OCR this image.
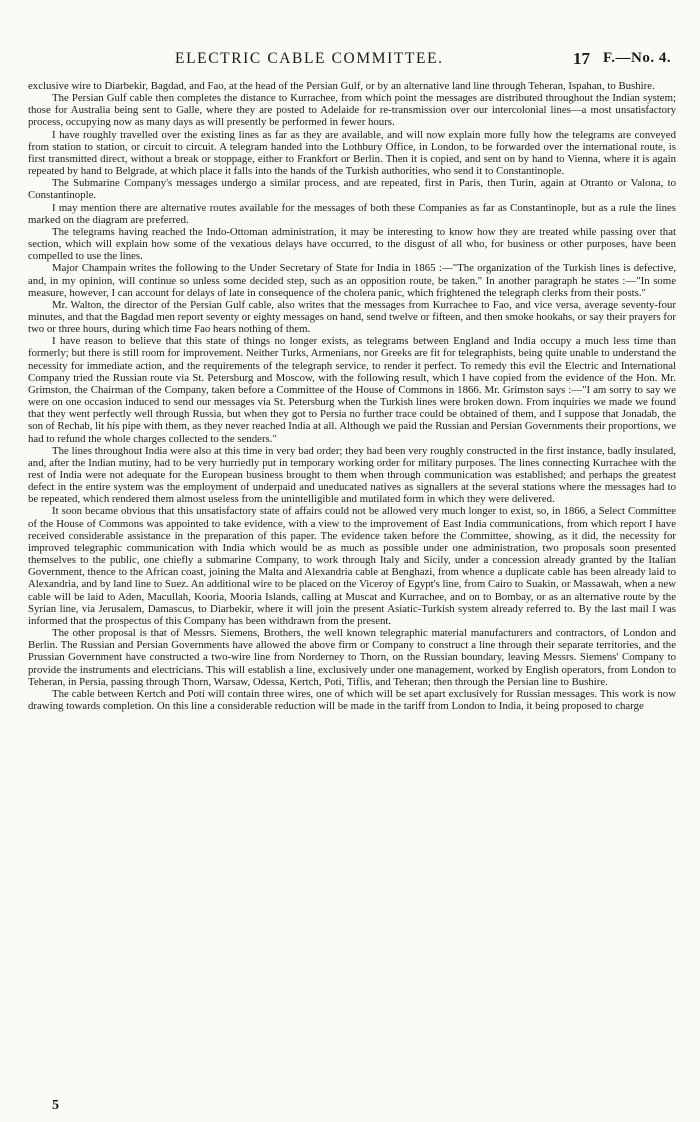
ELECTRIC CABLE COMMITTEE.	17 F.—No. 4.

exclusive wire to Diarbekir, Bagdad, and Fao, at the head of the Persian Gulf, or by an alternative land line through Teheran, Ispahan, to Bushire.

The Persian Gulf cable then completes the distance to Kurrachee, from which point the messages are distributed throughout the Indian system; those for Australia being sent to Galle, where they are posted to Adelaide for re-transmission over our intercolonial lines—a most unsatisfactory process, occupying now as many days as will presently be performed in fewer hours.

I have roughly travelled over the existing lines as far as they are available, and will now explain more fully how the telegrams are conveyed from station to station, or circuit to circuit. A telegram handed into the Lothbury Office, in London, to be forwarded over the international route, is first transmitted direct, without a break or stoppage, either to Frankfort or Berlin. Then it is copied, and sent on by hand to Vienna, where it is again repeated by hand to Belgrade, at which place it falls into the hands of the Turkish authorities, who send it to Constantinople.

The Submarine Company's messages undergo a similar process, and are repeated, first in Paris, then Turin, again at Otranto or Valona, to Constantinople.

I may mention there are alternative routes available for the messages of both these Companies as far as Constantinople, but as a rule the lines marked on the diagram are preferred.

The telegrams having reached the Indo-Ottoman administration, it may be interesting to know how they are treated while passing over that section, which will explain how some of the vexatious delays have occurred, to the disgust of all who, for business or other purposes, have been compelled to use the lines.

Major Champain writes the following to the Under Secretary of State for India in 1865 :—"The organization of the Turkish lines is defective, and, in my opinion, will continue so unless some decided step, such as an opposition route, be taken." In another paragraph he states :—"In some measure, however, I can account for delays of late in consequence of the cholera panic, which frightened the telegraph clerks from their posts."

Mr. Walton, the director of the Persian Gulf cable, also writes that the messages from Kurrachee to Fao, and vice versa, average seventy-four minutes, and that the Bagdad men report seventy or eighty messages on hand, send twelve or fifteen, and then smoke hookahs, or say their prayers for two or three hours, during which time Fao hears nothing of them.

I have reason to believe that this state of things no longer exists, as telegrams between England and India occupy a much less time than formerly; but there is still room for improvement. Neither Turks, Armenians, nor Greeks are fit for telegraphists, being quite unable to understand the necessity for immediate action, and the requirements of the telegraph service, to render it perfect. To remedy this evil the Electric and International Company tried the Russian route via St. Petersburg and Moscow, with the following result, which I have copied from the evidence of the Hon. Mr. Grimston, the Chairman of the Company, taken before a Committee of the House of Commons in 1866. Mr. Grimston says :—"I am sorry to say we were on one occasion induced to send our messages via St. Petersburg when the Turkish lines were broken down. From inquiries we made we found that they went perfectly well through Russia, but when they got to Persia no further trace could be obtained of them, and I suppose that Jonadab, the son of Rechab, lit his pipe with them, as they never reached India at all. Although we paid the Russian and Persian Governments their proportions, we had to refund the whole charges collected to the senders."

The lines throughout India were also at this time in very bad order; they had been very roughly constructed in the first instance, badly insulated, and, after the Indian mutiny, had to be very hurriedly put in temporary working order for military purposes. The lines connecting Kurrachee with the rest of India were not adequate for the European business brought to them when through communication was established; and perhaps the greatest defect in the entire system was the employment of underpaid and uneducated natives as signallers at the several stations where the messages had to be repeated, which rendered them almost useless from the unintelligible and mutilated form in which they were delivered.

It soon became obvious that this unsatisfactory state of affairs could not be allowed very much longer to exist, so, in 1866, a Select Committee of the House of Commons was appointed to take evidence, with a view to the improvement of East India communications, from which report I have received considerable assistance in the preparation of this paper. The evidence taken before the Committee, showing, as it did, the necessity for improved telegraphic communication with India which would be as much as possible under one administration, two proposals soon presented themselves to the public, one chiefly a submarine Company, to work through Italy and Sicily, under a concession already granted by the Italian Government, thence to the African coast, joining the Malta and Alexandria cable at Benghazi, from whence a duplicate cable has been already laid to Alexandria, and by land line to Suez. An additional wire to be placed on the Viceroy of Egypt's line, from Cairo to Suakin, or Massawah, when a new cable will be laid to Aden, Macullah, Kooria, Mooria Islands, calling at Muscat and Kurrachee, and on to Bombay, or as an alternative route by the Syrian line, via Jerusalem, Damascus, to Diarbekir, where it will join the present Asiatic-Turkish system already referred to. By the last mail I was informed that the prospectus of this Company has been withdrawn from the present.

The other proposal is that of Messrs. Siemens, Brothers, the well known telegraphic material manufacturers and contractors, of London and Berlin. The Russian and Persian Governments have allowed the above firm or Company to construct a line through their separate territories, and the Prussian Government have constructed a two-wire line from Norderney to Thorn, on the Russian boundary, leaving Messrs. Siemens' Company to provide the instruments and electricians. This will establish a line, exclusively under one management, worked by English operators, from London to Teheran, in Persia, passing through Thorn, Warsaw, Odessa, Kertch, Poti, Tiflis, and Teheran; then through the Persian line to Bushire.

The cable between Kertch and Poti will contain three wires, one of which will be set apart exclusively for Russian messages. This work is now drawing towards completion. On this line a considerable reduction will be made in the tariff from London to India, it being proposed to charge

5
